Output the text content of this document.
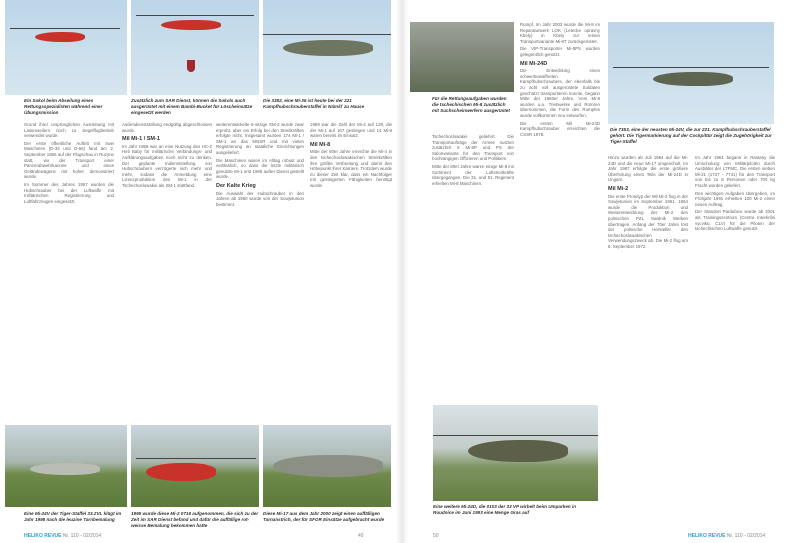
Ein Sokol beim Abseilung eines Rettungsspezialisten während einer Übungsmission
Zusätzlich zum SAR Dienst, können die Sokols auch ausgerüstet mit einem Bambi-Bucket für Löscheinsätze eingesetzt werden
Die 3382, eine Mi-35 ist heute bei der 221 Kampfhubschrauberstaffel in Námšť zu Hause

Grund ihrer ursprünglichen Ausrüstung mit Lastenseilern noch zu Segelflugbetrieb verwendet wurde.

Der erste öffentliche Auftritt mit zwei Maschinen (D-34 und D-56) fand am 2. September 1956 auf der Flugschau in Ruzyne statt, wo der Transport einer Panzerabwehrkanone und eines Geländewagens mit hoher demonstriert wurde.

Im Sommer des Jahres 1957 wurden die Hubschrauber bei der Luftwaffe mit militärischen Registrierung und Luftfahrzeugen eingesetzt.

Außendienststellung endgültig abgeschlossen wurde.

Mil Mi-1 / SM-1

Im Jahr 1958 war an eine Nutzung des HC-2 Heli Baby für militärische Verbindungs- und Aufklärungsaufgaben noch nicht zu denken. Der geplante Indienststellung von Hubschraubern verzögerte sich mehr und mehr, sodass die Anmeldung eine Lizenzproduktion des Mi-1 in der Tschechoslowakei als SM-1 stattfand.

weiterentwickelte 5-sitzige SM-2 wurde zwar erprobt, aber ein Erfolg bei den Streitkräften erfolgte nicht. Insgesamt wurden 174 Mi-1 / SM-1 an das MNSR und mit vielen Registrierung an staatliche Einrichtungen ausgeliefert.

Die Maschinen waren im Alltag robust und verlässlich, so dass die letzte militärisch genutzte Mi-1 erst 1985 außer Dienst gestellt wurde.

Der Kalte Krieg

Die Auswahl der Hubschrauber in den Jahren ab 1960 wurde von der Sowjetunion bestimmt.

1969 war die Zahl der Mi-4 auf 129, die der Mi-1 auf 167 gestiegen und 14 Mi-8 waren bereits im Einsatz.

Mil Mi-8

Mitte der 60er Jahre erreichte die Mi-4 in den tschechoslowakischen Streitkräften ihre größte Verbreitung und damit den Höhepunkt ihrer Karriere. Trotzdem wurde zu dieser Zeit klar, dass ein Nachfolger mit gesteigerten Fähigkeiten benötigt wurde.

Eine Mi-24V der Tiger-Staffel 33.ZVL klügt im Jahr 1998 nach die leuzine Tarnbemalung
1995 wurde diese Mi-2 0716 aufgenommen, die sich zu der Zeit im SAR Dienst befand und dafür die auffällige rot-weisse Bemalung bekommen hatte
Diese Mi-17 aus dem Jahr 2000 zeigt einen auffälligen Tarnanstrich, der für SFOR Einsätze aufgebracht wurde
HELIKO REVUE Nr. 110 - 02/2014	49
Für die Rettungsaufgaben wurden die tschechischen Mi-8 zusätzlich mit Suchscheinwerfern ausgerüstet
Die 7353, eine der neusten Mi-24V, die zur 221. Kampfhubschrauberstaffel gehört. Die Tigermarkierung auf der Cockpittür zeigt die Zugehörigkeit zur Tiger-Staffel

Tschechoslowakei geliefert. Die Transportaufträge der Armee nutzten zusätzlich 6 Mi-8P und PS der Salonvariante für den Transport von hochrangigen Offizieren und Politikern.

Mitte der 80er Jahre waren einige Mi-8 ins Sortiment der Luftstreitkräfte übergegangen. Die 31. und 51. Regiment erhielten Mi-8 Maschinen.

Rumpf. Im Jahr 2003 wurde die Mi-8 im Reparaturwerk LOK (Letecke opravny Kbely) in Kbely zur reinen Transportvariante Mi-8T zurückgerüstet.

Die VIP-Transporter Mi-8PS wurden gelegentlich genutzt.

Mil Mi-24D

Die Entwicklung eines schwerbewaffneten Kampfhubschraubers, der ebenfalls bis zu acht voll ausgerüstete Soldaten geschützt transportieren konnte, begann Mitte der 1960er Jahre. Vom Mi-8 wurden u.a. Triebwerke und Rotoren übernommen, die Form des Rumpfes wurde vollkommen neu entworfen.

Die ersten Mil Mi-24D Kampfhubschrauber erreichten die CSSR 1978.

Hinzu wurden ab Juli 1984 auf die Mi-24D und die neue Mi-17 umgeschult. Im Jahr 1987 erfolgte die erste größere Überholung eines Teils der Mi-24D in Ungarn.

Mil Mi-2

Die erste Prototyp der Mil Mi-2 flog in der Sowjetunion im September 1961. 1964 wurde die Produktion und Weiterentwicklung der Mi-2 den polnischen PZL Swidnik Werken übertragen. Anfang der 70er Jahre löst der polnische Hersteller den tschechoslowakischen Verwendungszweck ab. Die Mi-2 flog am 8. September 1972.

Im Jahr 1961 begann in Rastany die Umschulung von Militärpiloten durch Ausbilder der LTFMC. Die ersten sieben Mi-21 (1737 - 7741) für den Transport von bis zu 8 Personen oder 700 kg Fracht wurden geliefert.

Den wichtigen Aufgaben übergeben, im Frühjahr 1991 erhielten 100 Mi-2 einen neuen Auftrag.

Der Standort Pardubice wurde ab 2001 als Trainingszentrum (Centre Interkrilni vycvikü, CLV) für die Piloten der tschechischen Luftwaffe genutzt.

Eine weitere Mi-24D, die 0103 der 33 VP wirbelt beim Umparken in Roudnice im Juni 1993 eine Menge Gras auf
50	HELIKO REVUE Nr. 110 - 02/2014
